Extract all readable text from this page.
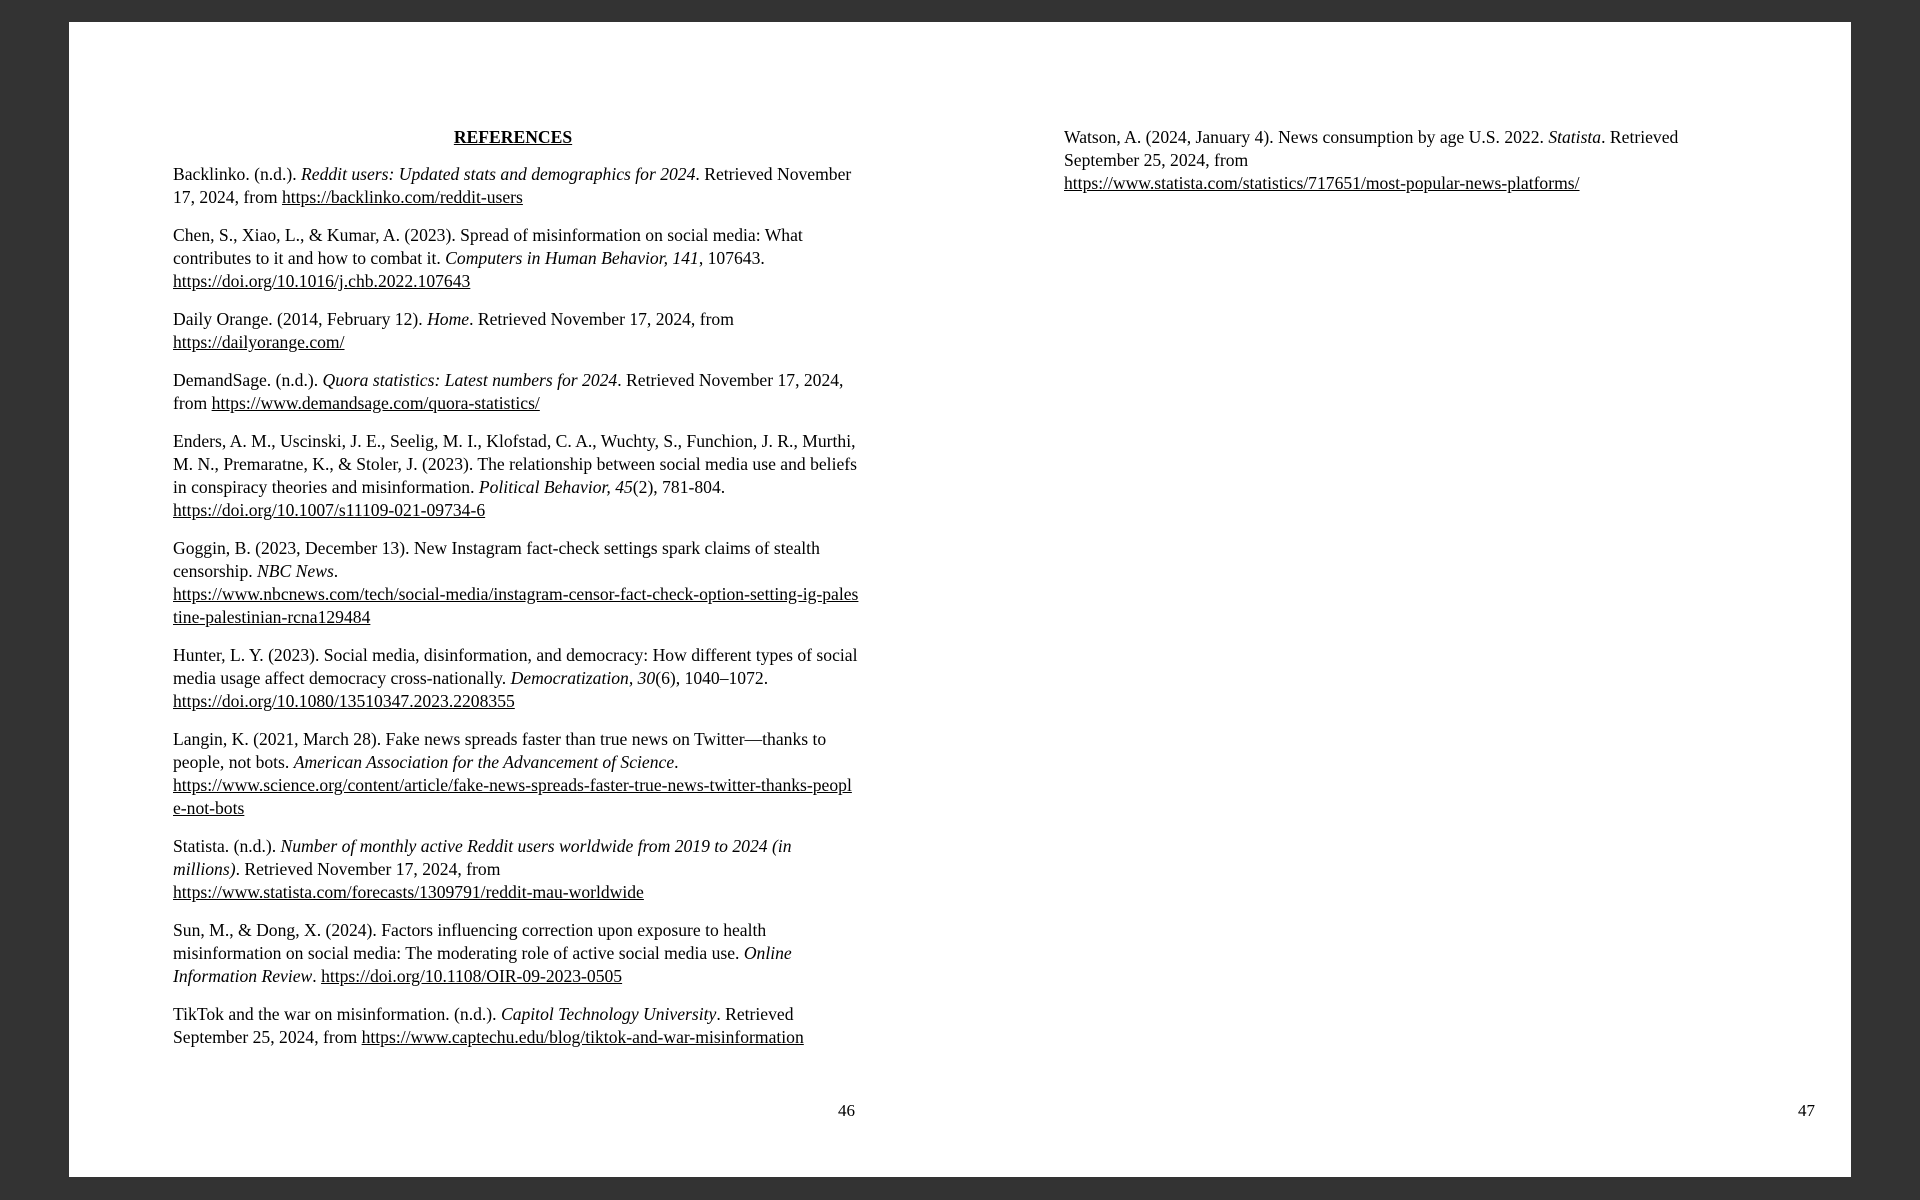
REFERENCES
Backlinko. (n.d.). Reddit users: Updated stats and demographics for 2024. Retrieved November
17, 2024, from https://backlinko.com/reddit-users
Chen, S., Xiao, L., & Kumar, A. (2023). Spread of misinformation on social media: What
contributes to it and how to combat it. Computers in Human Behavior, 141, 107643.
https://doi.org/10.1016/j.chb.2022.107643
Daily Orange. (2014, February 12). Home. Retrieved November 17, 2024, from
https://dailyorange.com/
DemandSage. (n.d.). Quora statistics: Latest numbers for 2024. Retrieved November 17, 2024,
from https://www.demandsage.com/quora-statistics/
Enders, A. M., Uscinski, J. E., Seelig, M. I., Klofstad, C. A., Wuchty, S., Funchion, J. R., Murthi,
M. N., Premaratne, K., & Stoler, J. (2023). The relationship between social media use and beliefs
in conspiracy theories and misinformation. Political Behavior, 45(2), 781-804.
https://doi.org/10.1007/s11109-021-09734-6
Goggin, B. (2023, December 13). New Instagram fact-check settings spark claims of stealth
censorship. NBC News.
https://www.nbcnews.com/tech/social-media/instagram-censor-fact-check-option-setting-ig-pales
tine-palestinian-rcna129484
Hunter, L. Y. (2023). Social media, disinformation, and democracy: How different types of social
media usage affect democracy cross-nationally. Democratization, 30(6), 1040–1072.
https://doi.org/10.1080/13510347.2023.2208355
Langin, K. (2021, March 28). Fake news spreads faster than true news on Twitter—thanks to
people, not bots. American Association for the Advancement of Science.
https://www.science.org/content/article/fake-news-spreads-faster-true-news-twitter-thanks-peopl
e-not-bots
Statista. (n.d.). Number of monthly active Reddit users worldwide from 2019 to 2024 (in
millions). Retrieved November 17, 2024, from
https://www.statista.com/forecasts/1309791/reddit-mau-worldwide
Sun, M., & Dong, X. (2024). Factors influencing correction upon exposure to health
misinformation on social media: The moderating role of active social media use. Online
Information Review. https://doi.org/10.1108/OIR-09-2023-0505
TikTok and the war on misinformation. (n.d.). Capitol Technology University. Retrieved
September 25, 2024, from https://www.captechu.edu/blog/tiktok-and-war-misinformation
46
Watson, A. (2024, January 4). News consumption by age U.S. 2022. Statista. Retrieved
September 25, 2024, from
https://www.statista.com/statistics/717651/most-popular-news-platforms/
47
